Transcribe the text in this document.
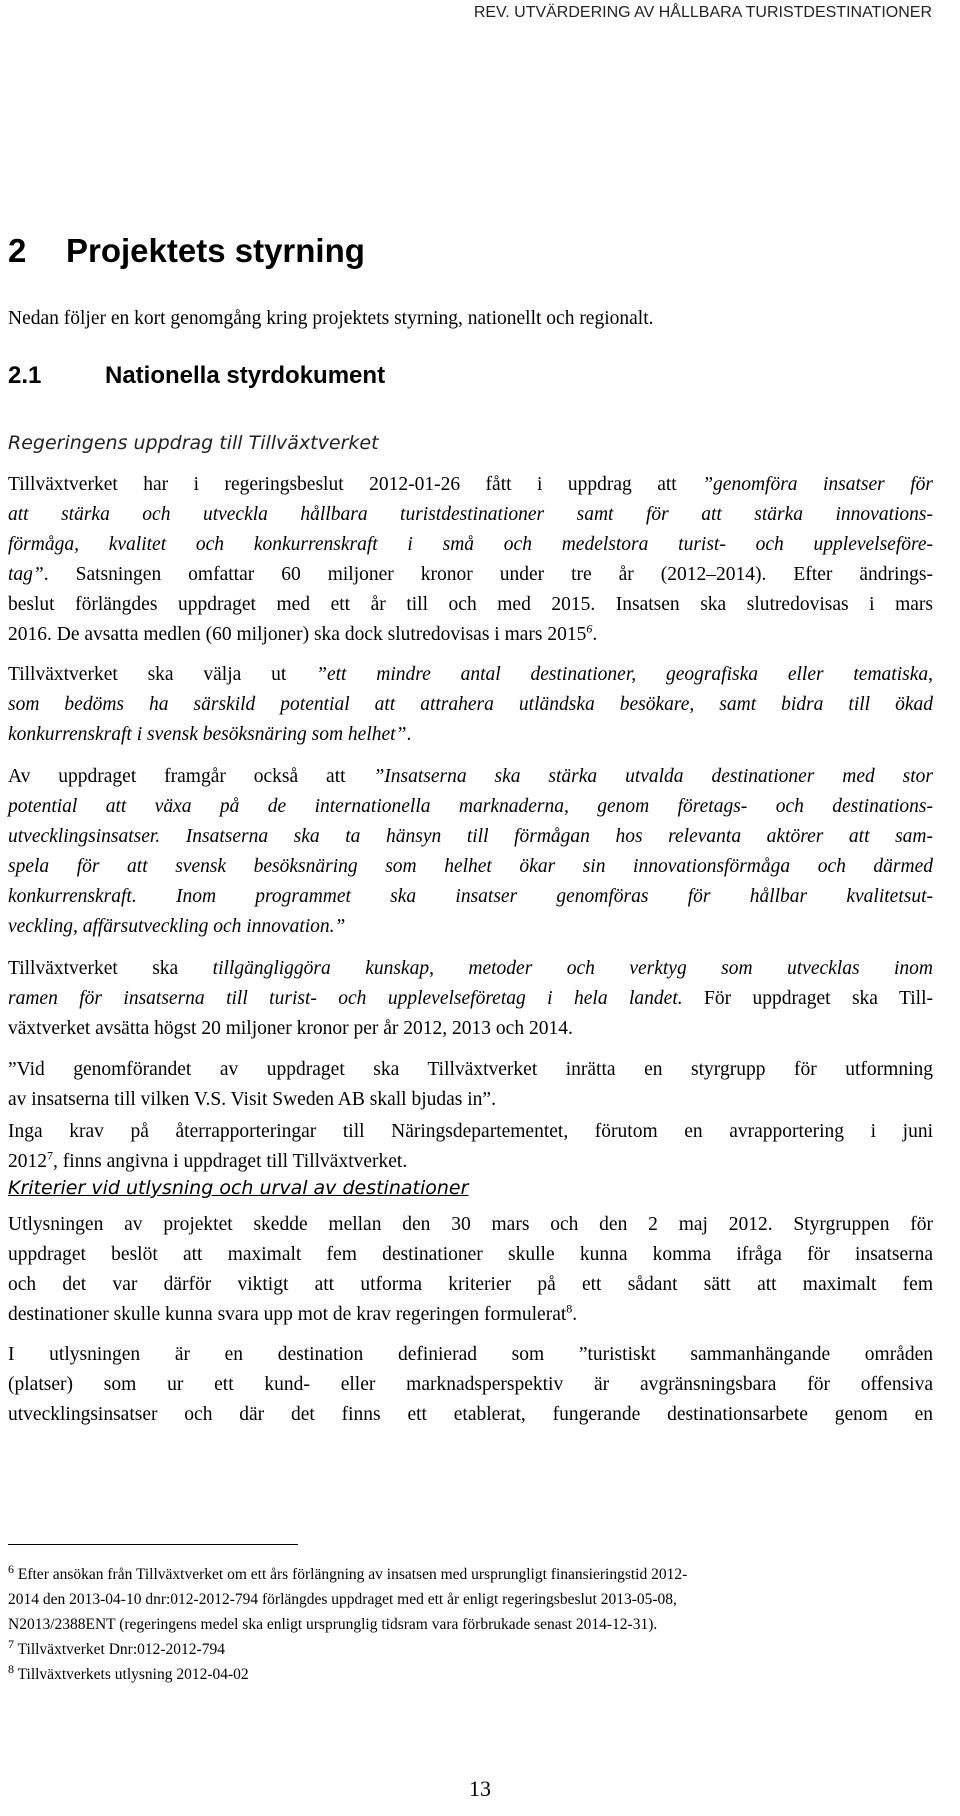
REV. UTVÄRDERING AV HÅLLBARA TURISTDESTINATIONER
2 Projektets styrning
Nedan följer en kort genomgång kring projektets styrning, nationellt och regionalt.
2.1	Nationella styrdokument
Regeringens uppdrag till Tillväxtverket
Tillväxtverket har i regeringsbeslut 2012-01-26 fått i uppdrag att ”genomföra insatser för
att stärka och utveckla hållbara turistdestinationer samt för att stärka innovations-
förmåga, kvalitet och konkurrenskraft i små och medelstora turist- och upplevelseföre-
tag”. Satsningen omfattar 60 miljoner kronor under tre år (2012–2014). Efter ändrings-
beslut förlängdes uppdraget med ett år till och med 2015. Insatsen ska slutredovisas i mars
2016. De avsatta medlen (60 miljoner) ska dock slutredovisas i mars 2015$^6$.
Tillväxtverket ska välja ut ”ett mindre antal destinationer, geografiska eller tematiska,
som bedöms ha särskild potential att attrahera utländska besökare, samt bidra till ökad
konkurrenskraft i svensk besöksnäring som helhet”.
Av uppdraget framgår också att ”Insatserna ska stärka utvalda destinationer med stor
potential att växa på de internationella marknaderna, genom företags- och destinations-
utvecklingsinsatser. Insatserna ska ta hänsyn till förmågan hos relevanta aktörer att sam-
spela för att svensk besöksnäring som helhet ökar sin innovationsförmåga och därmed
konkurrenskraft. Inom programmet ska insatser genomföras för hållbar kvalitetsut-
veckling, affärsutveckling och innovation.”
Tillväxtverket ska tillgängliggöra kunskap, metoder och verktyg som utvecklas inom
ramen för insatserna till turist- och upplevelseföretag i hela landet. För uppdraget ska Till-
växtverket avsätta högst 20 miljoner kronor per år 2012, 2013 och 2014.
”Vid genomförandet av uppdraget ska Tillväxtverket inrätta en styrgrupp för utformning
av insatserna till vilken V.S. Visit Sweden AB skall bjudas in”.
Inga krav på återrapporteringar till Näringsdepartementet, förutom en avrapportering i juni
2012$^7$, finns angivna i uppdraget till Tillväxtverket.
Kriterier vid utlysning och urval av destinationer
Utlysningen av projektet skedde mellan den 30 mars och den 2 maj 2012. Styrgruppen för
uppdraget beslöt att maximalt fem destinationer skulle kunna komma ifråga för insatserna
och det var därför viktigt att utforma kriterier på ett sådant sätt att maximalt fem
destinationer skulle kunna svara upp mot de krav regeringen formulerat$^8$.
I utlysningen är en destination definierad som ”turistiskt sammanhängande områden
(platser) som ur ett kund- eller marknadsperspektiv är avgränsningsbara för offensiva
utvecklingsinsatser och där det finns ett etablerat, fungerande destinationsarbete genom en
$^6$ Efter ansökan från Tillväxtverket om ett års förlängning av insatsen med ursprungligt finansieringstid 2012-
2014 den 2013-04-10 dnr:012-2012-794 förlängdes uppdraget med ett år enligt regeringsbeslut 2013-05-08,
N2013/2388ENT (regeringens medel ska enligt ursprunglig tidsram vara förbrukade senast 2014-12-31).
$^7$ Tillväxtverket Dnr:012-2012-794
$^8$ Tillväxtverkets utlysning 2012-04-02
13
